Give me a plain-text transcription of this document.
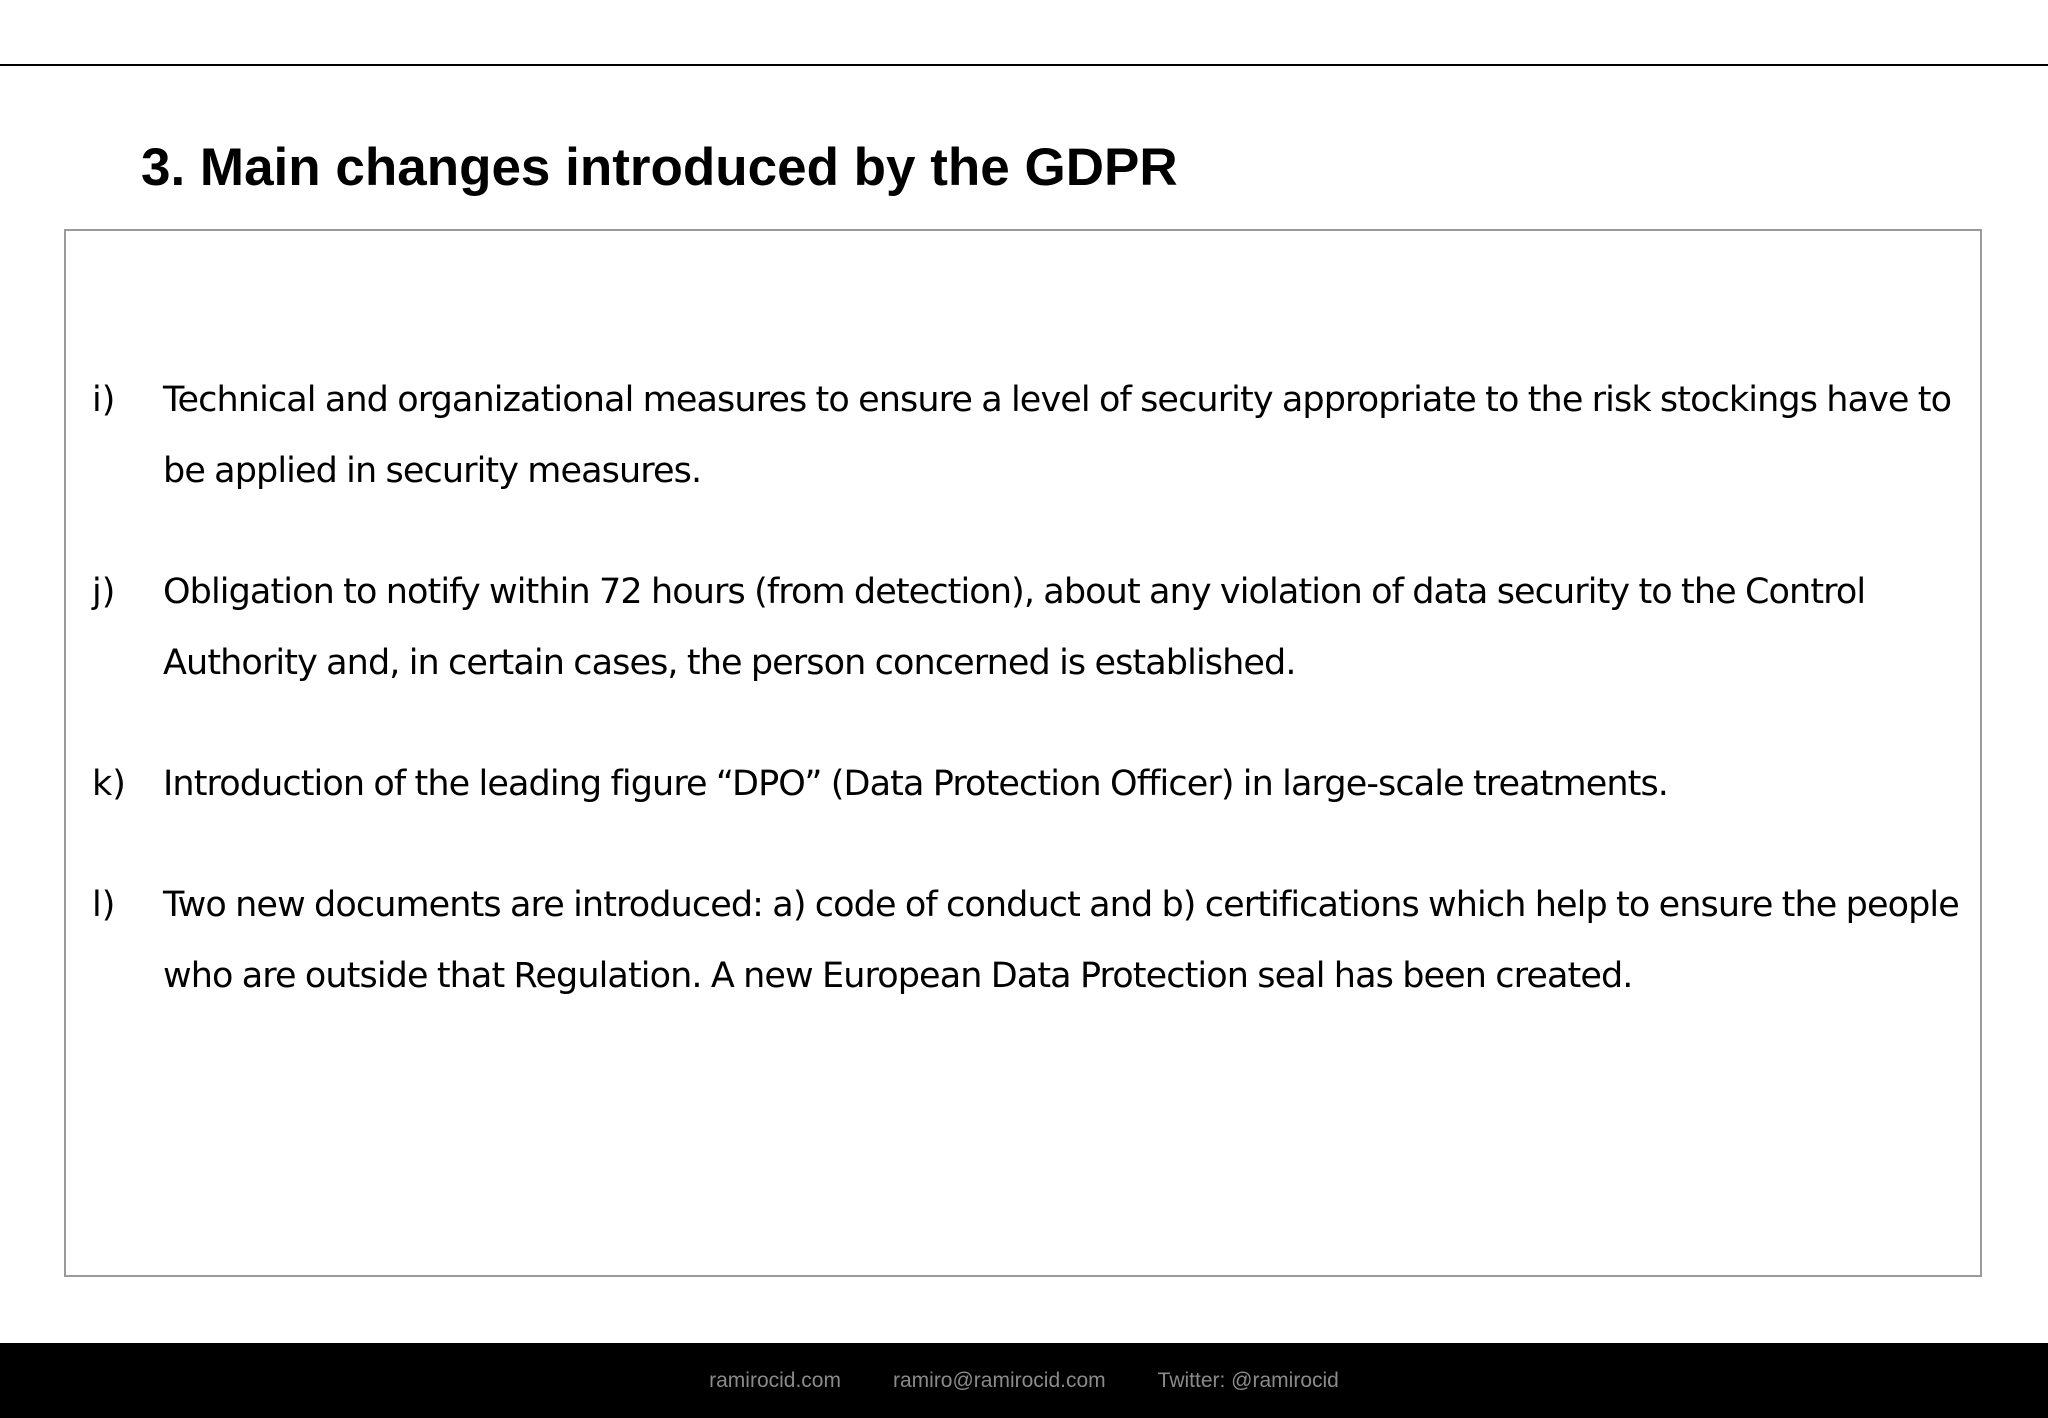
3. Main changes introduced by the GDPR
i)	Technical and organizational measures to ensure a level of security appropriate to the risk stockings have to be applied in security measures.
j)	Obligation to notify within 72 hours (from detection), about any violation of data security to the Control Authority and, in certain cases, the person concerned is established.
k)	Introduction of the leading figure “DPO” (Data Protection Officer) in large-scale treatments.
l)	Two new documents are introduced: a) code of conduct and b) certifications which help to ensure the people who are outside that Regulation. A new European Data Protection seal has been created.
ramirocid.com ramiro@ramirocid.com Twitter: @ramirocid
